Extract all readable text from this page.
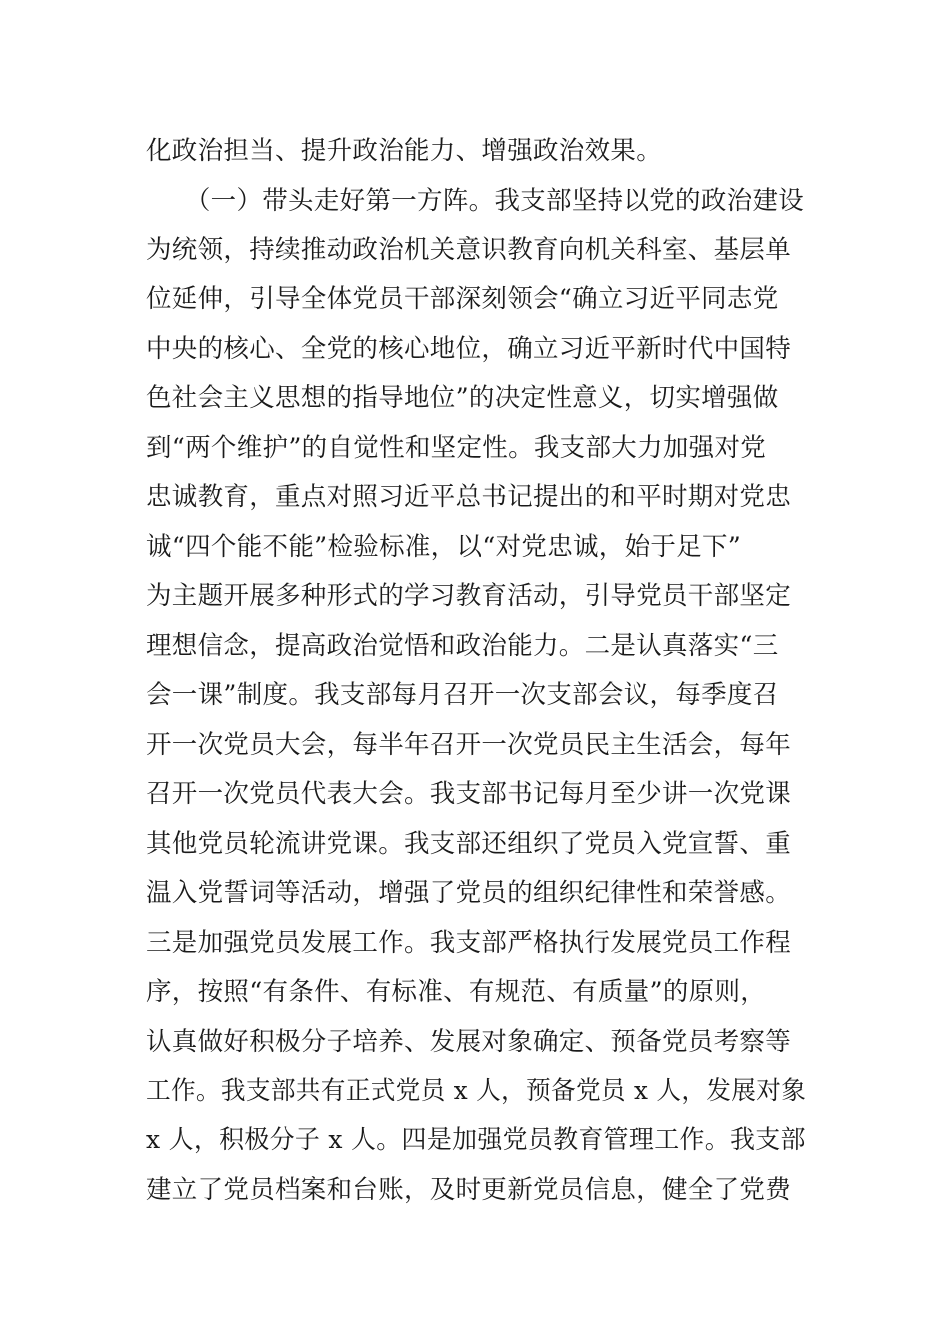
化政治担当、提升政治能力、增强政治效果。
　　（一）带头走好第一方阵。我支部坚持以党的政治建设
为统领，持续推动政治机关意识教育向机关科室、基层单
位延伸，引导全体党员干部深刻领会“确立习近平同志党
中央的核心、全党的核心地位，确立习近平新时代中国特
色社会主义思想的指导地位”的决定性意义，切实增强做
到“两个维护”的自觉性和坚定性。我支部大力加强对党
忠诚教育，重点对照习近平总书记提出的和平时期对党忠
诚“四个能不能”检验标准，以“对党忠诚，始于足下”
为主题开展多种形式的学习教育活动，引导党员干部坚定
理想信念，提高政治觉悟和政治能力。二是认真落实“三
会一课”制度。我支部每月召开一次支部会议，每季度召
开一次党员大会，每半年召开一次党员民主生活会，每年
召开一次党员代表大会。我支部书记每月至少讲一次党课
其他党员轮流讲党课。我支部还组织了党员入党宣誓、重
温入党誓词等活动，增强了党员的组织纪律性和荣誉感。
三是加强党员发展工作。我支部严格执行发展党员工作程
序，按照“有条件、有标准、有规范、有质量”的原则，
认真做好积极分子培养、发展对象确定、预备党员考察等
工作。我支部共有正式党员 x 人，预备党员 x 人，发展对象
x 人，积极分子 x 人。四是加强党员教育管理工作。我支部
建立了党员档案和台账，及时更新党员信息，健全了党费
